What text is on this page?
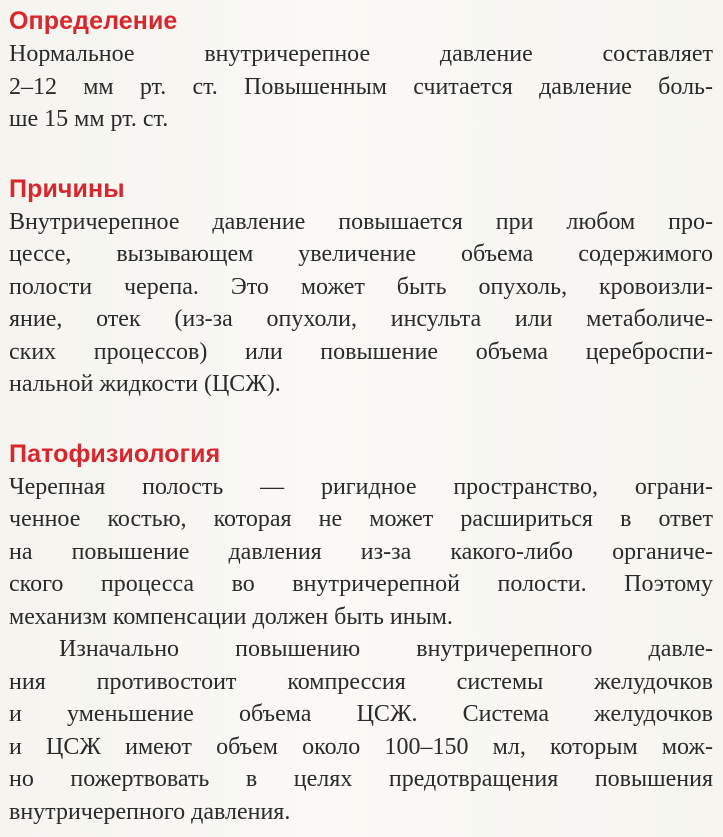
Определение

Нормальное внутричерепное давление составляет
2–12 мм рт. ст. Повышенным считается давление боль-
ше 15 мм рт. ст.

Причины

Внутричерепное давление повышается при любом про-
цессе, вызывающем увеличение объема содержимого
полости черепа. Это может быть опухоль, кровоизли-
яние, отек (из-за опухоли, инсульта или метаболиче-
ских процессов) или повышение объема цереброспи-
нальной жидкости (ЦСЖ).

Патофизиология

Черепная полость — ригидное пространство, ограни-
ченное костью, которая не может расшириться в ответ
на повышение давления из-за какого-либо органиче-
ского процесса во внутричерепной полости. Поэтому
механизм компенсации должен быть иным.

Изначально повышению внутричерепного давле-
ния противостоит компрессия системы желудочков
и уменьшение объема ЦСЖ. Система желудочков
и ЦСЖ имеют объем около 100–150 мл, которым мож-
но пожертвовать в целях предотвращения повышения
внутричерепного давления.
